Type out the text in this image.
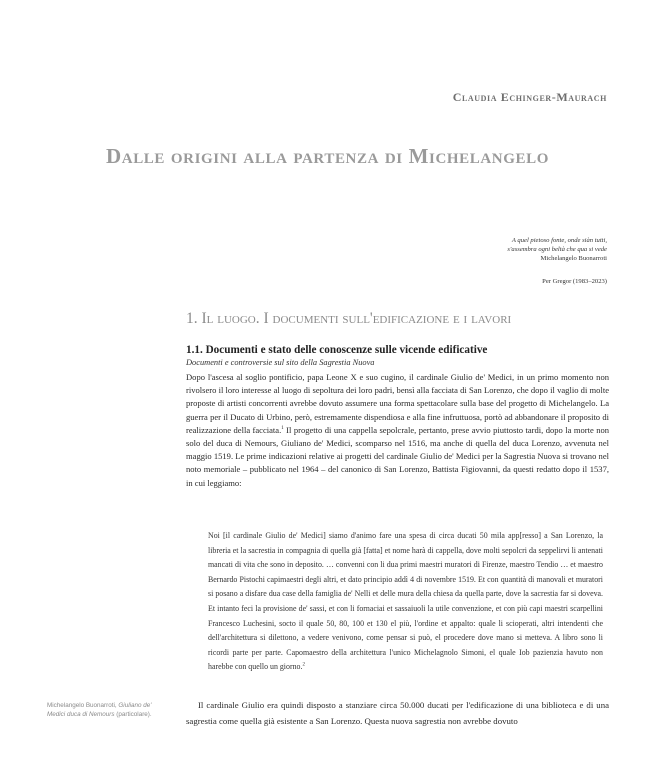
Claudia Echinger-Maurach
Dalle origini alla partenza di Michelangelo
A quel pietoso fonte, onde siàn tutti,
s'assembra ogni beltà che qua si vede
Michelangelo Buonarroti
Per Gregor (1983–2023)
1. Il luogo. I documenti sull'edificazione e i lavori
1.1. Documenti e stato delle conoscenze sulle vicende edificative
Documenti e controversie sul sito della Sagrestia Nuova
Dopo l'ascesa al soglio pontificio, papa Leone X e suo cugino, il cardinale Giulio de' Medici, in un primo momento non rivolsero il loro interesse al luogo di sepoltura dei loro padri, bensì alla facciata di San Lorenzo, che dopo il vaglio di molte proposte di artisti concorrenti avrebbe dovuto assumere una forma spettacolare sulla base del progetto di Michelangelo. La guerra per il Ducato di Urbino, però, estremamente dispendiosa e alla fine infruttuosa, portò ad abbandonare il proposito di realizzazione della facciata.$^1$ Il progetto di una cappella sepolcrale, pertanto, prese avvio piuttosto tardi, dopo la morte non solo del duca di Nemours, Giuliano de' Medici, scomparso nel 1516, ma anche di quella del duca Lorenzo, avvenuta nel maggio 1519. Le prime indicazioni relative ai progetti del cardinale Giulio de' Medici per la Sagrestia Nuova si trovano nel noto memoriale – pubblicato nel 1964 – del canonico di San Lorenzo, Battista Figiovanni, da questi redatto dopo il 1537, in cui leggiamo:

Noi [il cardinale Giulio de' Medici] siamo d'animo fare una spesa di circa ducati 50 mila app[resso] a San Lorenzo, la libreria et la sacrestia in compagnia di quella già [fatta] et nome harà di cappella, dove molti sepolcri da seppelirvi li antenati mancati di vita che sono in deposito. … convenni con li dua primi maestri muratori di Firenze, maestro Tendio … et maestro Bernardo Pistochi capimaestri degli altri, et dato principio addì 4 di novembre 1519. Et con quantità di manovali et muratori si posano a disfare dua case della famiglia de' Nelli et delle mura della chiesa da quella parte, dove la sacrestia far si doveva. Et intanto feci la provisione de' sassi, et con li fornaciai et sassaiuoli la utile convenzione, et con più capi maestri scarpellini Francesco Luchesini, socto il quale 50, 80, 100 et 130 el più, l'ordine et appalto: quale li scioperati, altri intendenti che dell'architettura si dilettono, a vedere venivono, come pensar si può, el procedere dove mano si metteva. A libro sono li ricordi parte per parte. Capomaestro della architettura l'unico Michelagnolo Simoni, el quale Iob pazienzia havuto non harebbe con quello un giorno.$^2$

Il cardinale Giulio era quindi disposto a stanziare circa 50.000 ducati per l'edificazione di una biblioteca e di una sagrestia come quella già esistente a San Lorenzo. Questa nuova sagrestia non avrebbe dovuto
Michelangelo Buonarroti, Giuliano de' Medici duca di Nemours (particolare).
